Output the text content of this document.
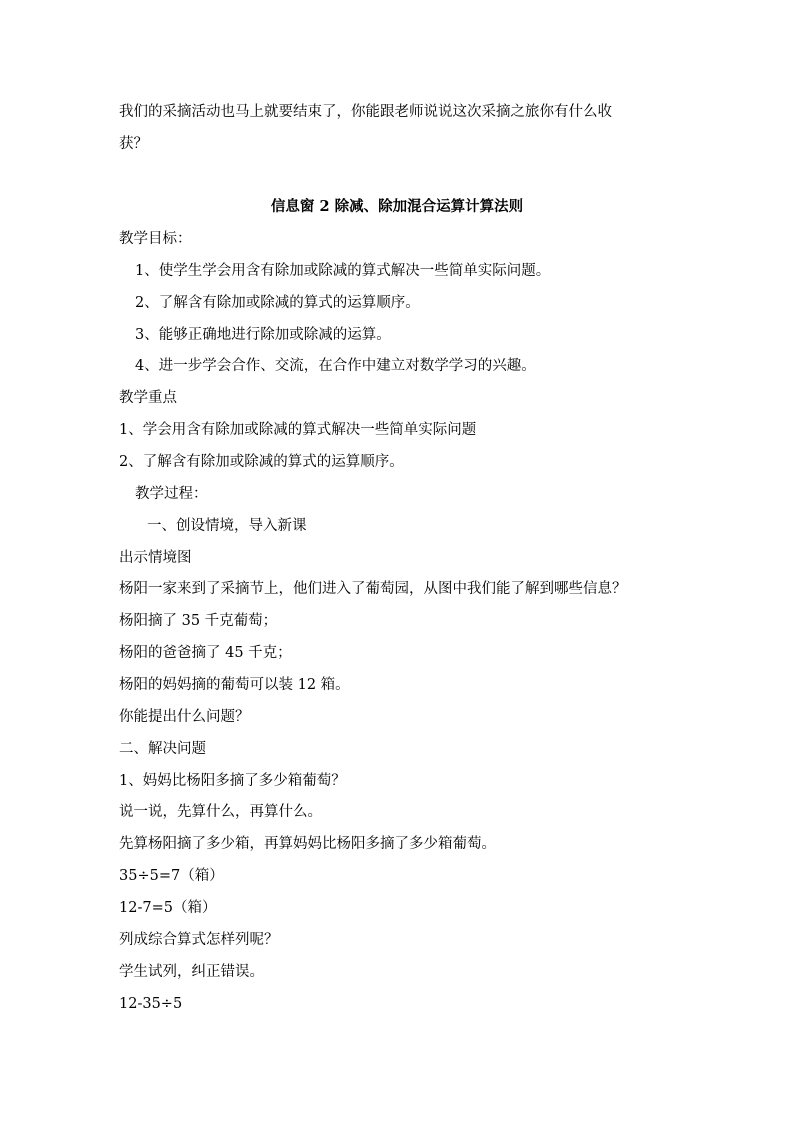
我们的采摘活动也马上就要结束了，你能跟老师说说这次采摘之旅你有什么收
获？
信息窗 2 除减、除加混合运算计算法则
教学目标：
1、使学生学会用含有除加或除减的算式解决一些简单实际问题。
2、了解含有除加或除减的算式的运算顺序。
3、能够正确地进行除加或除减的运算。
4、进一步学会合作、交流，在合作中建立对数学学习的兴趣。
教学重点
1、学会用含有除加或除减的算式解决一些简单实际问题
2、了解含有除加或除减的算式的运算顺序。
教学过程：
一、创设情境，导入新课
出示情境图
杨阳一家来到了采摘节上，他们进入了葡萄园，从图中我们能了解到哪些信息？
杨阳摘了 35 千克葡萄；
杨阳的爸爸摘了 45 千克；
杨阳的妈妈摘的葡萄可以装 12 箱。
你能提出什么问题？
二、解决问题
1、妈妈比杨阳多摘了多少箱葡萄？
说一说，先算什么，再算什么。
先算杨阳摘了多少箱，再算妈妈比杨阳多摘了多少箱葡萄。
35÷5=7（箱）
12-7=5（箱）
列成综合算式怎样列呢？
学生试列，纠正错误。
12-35÷5
